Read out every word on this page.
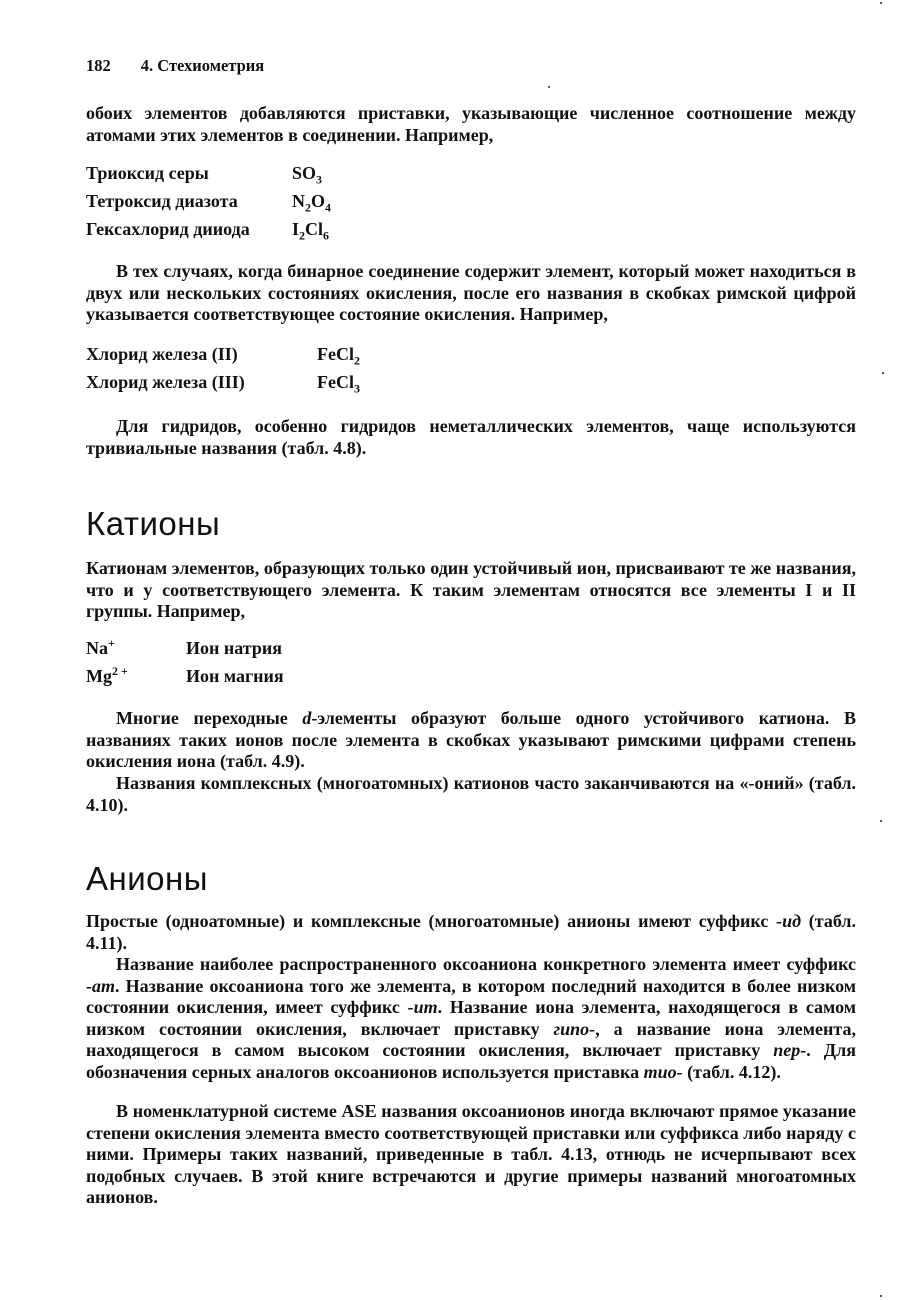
182 4. Стехиометрия
обоих элементов добавляются приставки, указывающие численное соотношение между атомами этих элементов в соединении. Например,
Триоксид серы	$SO_3$
Тетроксид диазота	$N_2O_4$
Гексахлорид дииода $I_2Cl_6$
В тех случаях, когда бинарное соединение содержит элемент, который может находиться в двух или нескольких состояниях окисления, после его названия в скобках римской цифрой указывается соответствующее состояние окисления. Например,
Хлорид железа (II)	FeCl$_2$
Хлорид железа (III)	FeCl$_3$
Для гидридов, особенно гидридов неметаллических элементов, чаще используются тривиальные названия (табл. 4.8).
Катионы
Катионам элементов, образующих только один устойчивый ион, присваивают те же названия, что и у соответствующего элемента. К таким элементам относятся все элементы I и II группы. Например,
Na+	Ион натрия
$Mg^{2 +}$	Ион магния
Многие переходные d-элементы образуют больше одного устойчивого катиона. В названиях таких ионов после элемента в скобках указывают римскими цифрами степень окисления иона (табл. 4.9).
Названия комплексных (многоатомных) катионов часто заканчиваются на «-оний» (табл. 4.10).
Анионы
Простые (одноатомные) и комплексные (многоатомные) анионы имеют суффикс -ид (табл. 4.11).
Название наиболее распространенного оксоаниона конкретного элемента имеет суффикс -ат. Название оксоаниона того же элемента, в котором последний находится в более низком состоянии окисления, имеет суффикс -ит. Название иона элемента, находящегося в самом низком состоянии окисления, включает приставку гипо-, а название иона элемента, находящегося в самом высоком состоянии окисления, включает приставку пер-. Для обозначения серных аналогов оксоанионов используется приставка тио- (табл. 4.12).
В номенклатурной системе ASE названия оксоанионов иногда включают прямое указание степени окисления элемента вместо соответствующей приставки или суффикса либо наряду с ними. Примеры таких названий, приведенные в табл. 4.13, отнюдь не исчерпывают всех подобных случаев. В этой книге встречаются и другие примеры названий многоатомных анионов.
